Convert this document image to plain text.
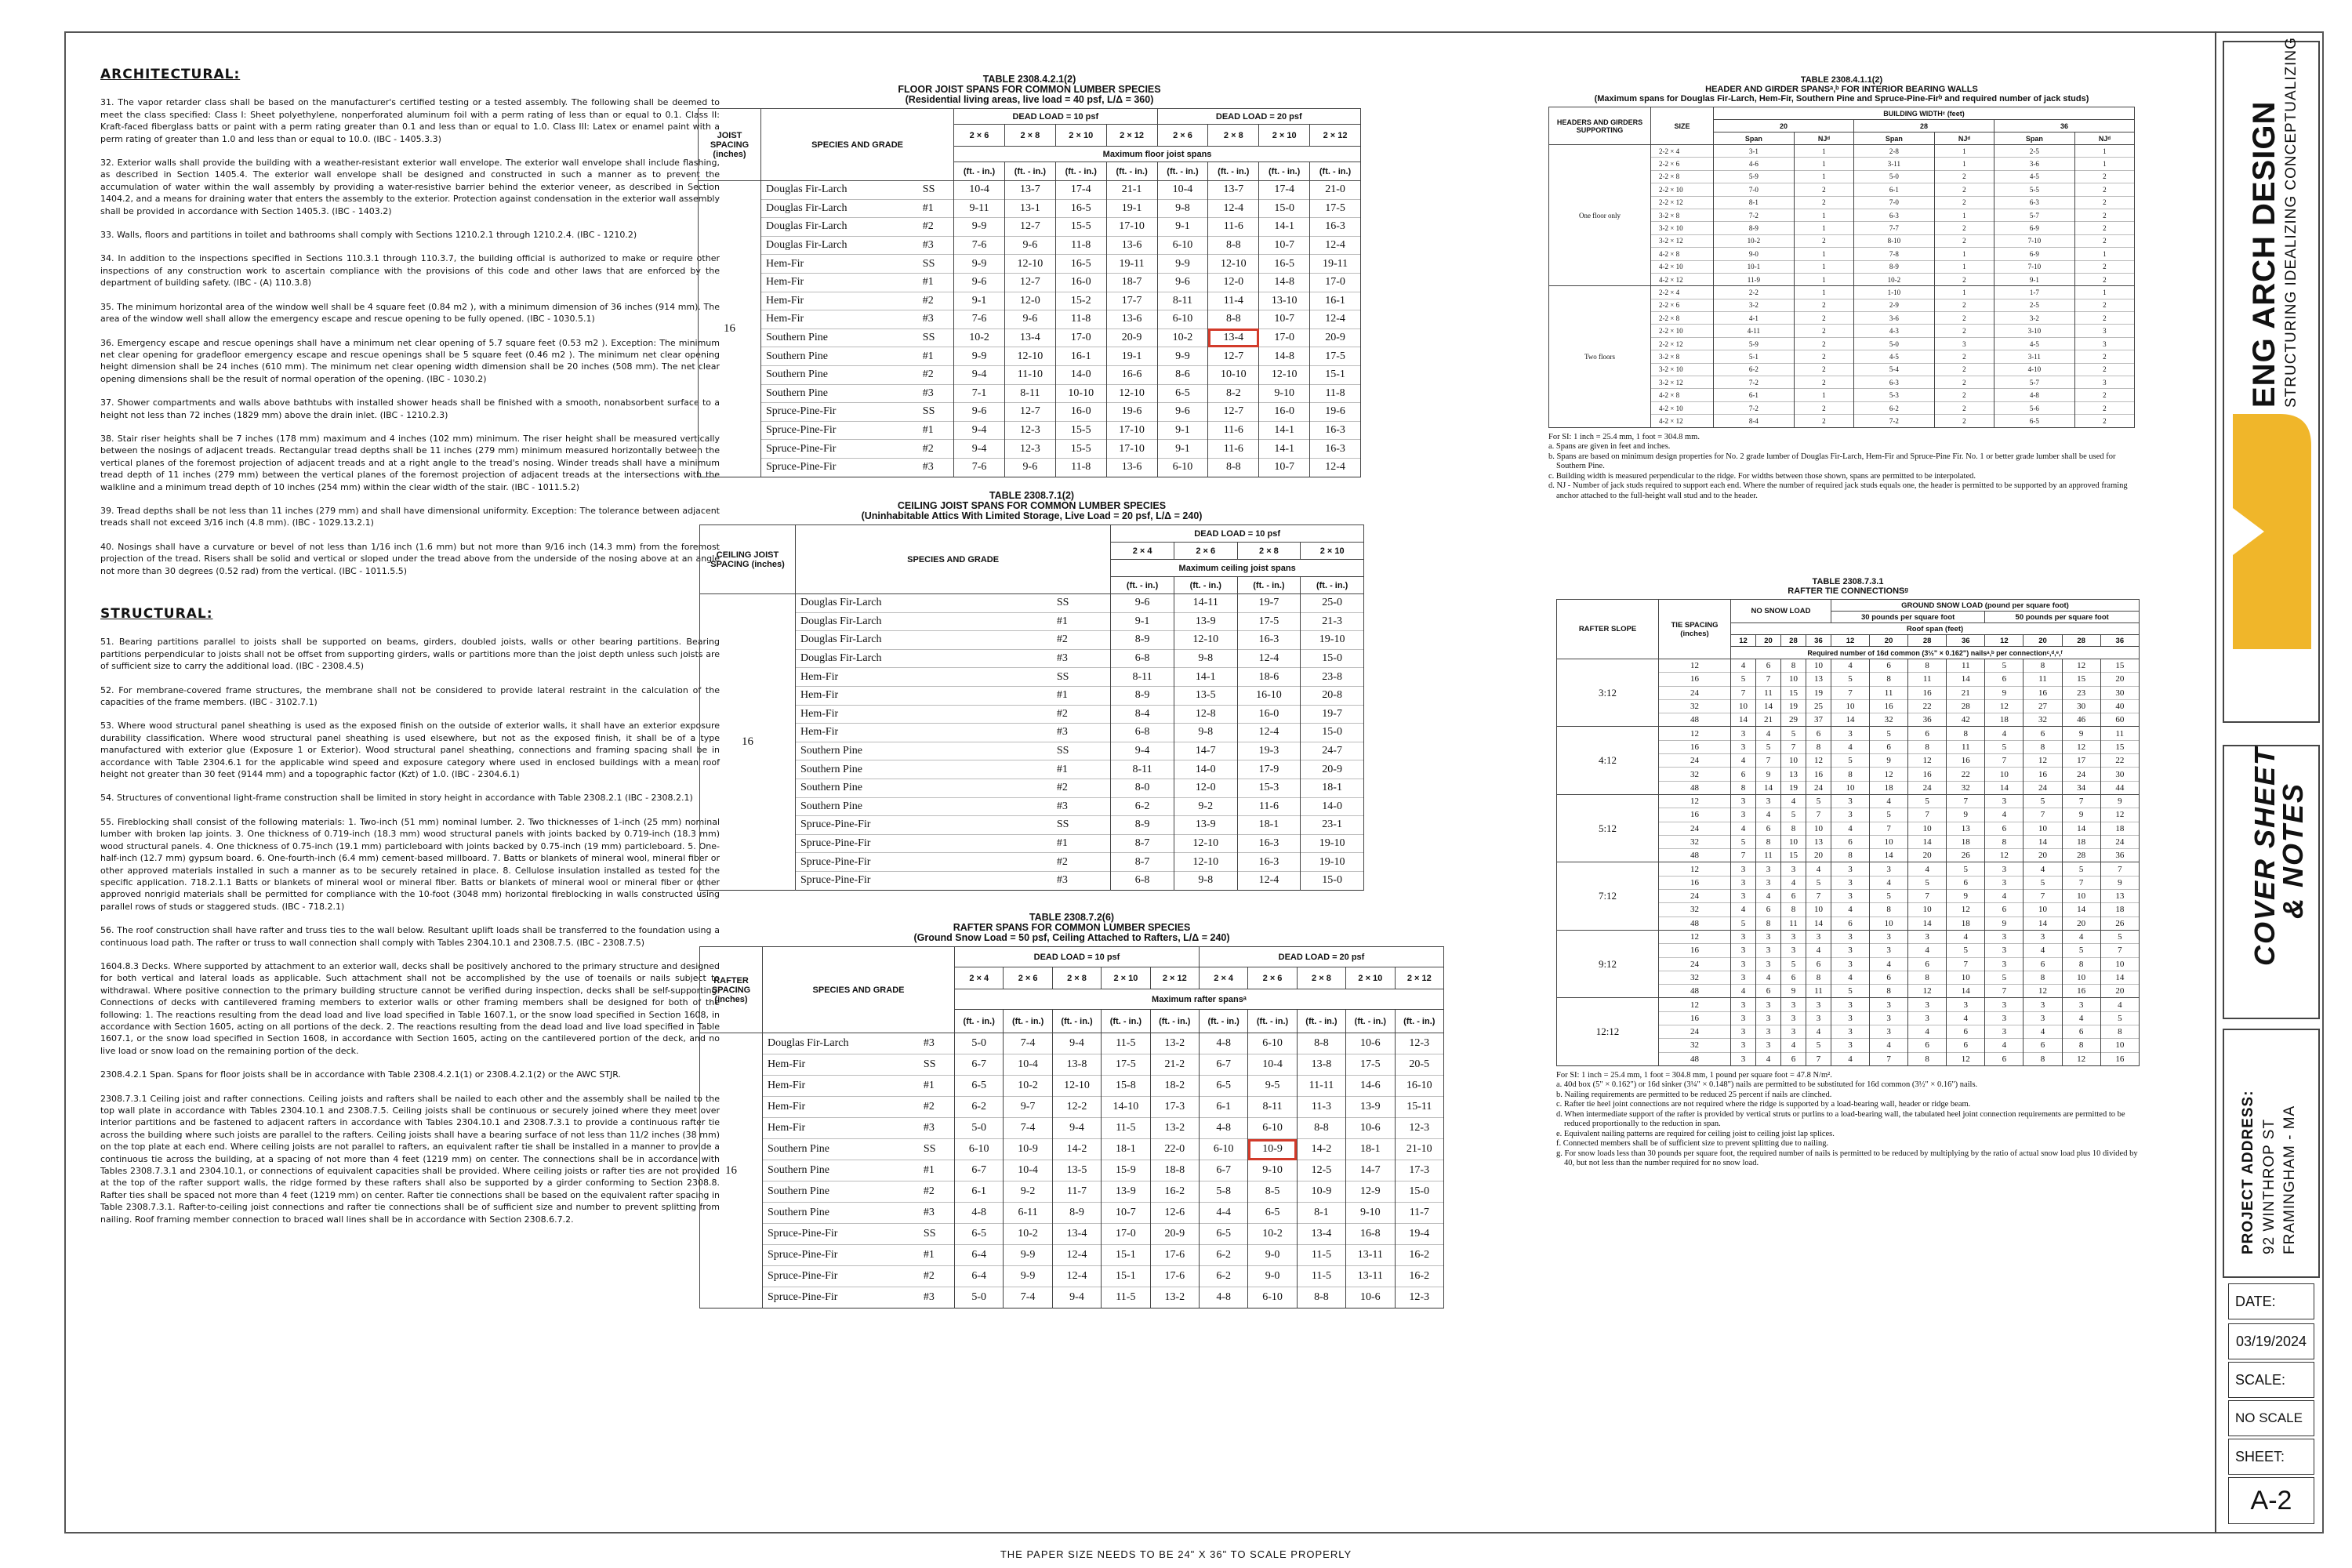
ARCHITECTURAL:

31. The vapor retarder class shall be based on the manufacturer's certified testing or a tested assembly. The following shall be deemed to meet the class specified: Class I: Sheet polyethylene, nonperforated aluminum foil with a perm rating of less than or equal to 0.1. Class II: Kraft-faced fiberglass batts or paint with a perm rating greater than 0.1 and less than or equal to 1.0. Class III: Latex or enamel paint with a perm rating of greater than 1.0 and less than or equal to 10.0. (IBC - 1405.3.3)

32. Exterior walls shall provide the building with a weather-resistant exterior wall envelope. The exterior wall envelope shall include flashing, as described in Section 1405.4. The exterior wall envelope shall be designed and constructed in such a manner as to prevent the accumulation of water within the wall assembly by providing a water-resistive barrier behind the exterior veneer, as described in Section 1404.2, and a means for draining water that enters the assembly to the exterior. Protection against condensation in the exterior wall assembly shall be provided in accordance with Section 1405.3. (IBC - 1403.2)

33. Walls, floors and partitions in toilet and bathrooms shall comply with Sections 1210.2.1 through 1210.2.4. (IBC - 1210.2)

34. In addition to the inspections specified in Sections 110.3.1 through 110.3.7, the building official is authorized to make or require other inspections of any construction work to ascertain compliance with the provisions of this code and other laws that are enforced by the department of building safety. (IBC - (A) 110.3.8)

35. The minimum horizontal area of the window well shall be 4 square feet (0.84 m2 ), with a minimum dimension of 36 inches (914 mm). The area of the window well shall allow the emergency escape and rescue opening to be fully opened. (IBC - 1030.5.1)

36. Emergency escape and rescue openings shall have a minimum net clear opening of 5.7 square feet (0.53 m2 ). Exception: The minimum net clear opening for gradefloor emergency escape and rescue openings shall be 5 square feet (0.46 m2 ). The minimum net clear opening height dimension shall be 24 inches (610 mm). The minimum net clear opening width dimension shall be 20 inches (508 mm). The net clear opening dimensions shall be the result of normal operation of the opening. (IBC - 1030.2)

37. Shower compartments and walls above bathtubs with installed shower heads shall be finished with a smooth, nonabsorbent surface to a height not less than 72 inches (1829 mm) above the drain inlet. (IBC - 1210.2.3)

38. Stair riser heights shall be 7 inches (178 mm) maximum and 4 inches (102 mm) minimum. The riser height shall be measured vertically between the nosings of adjacent treads. Rectangular tread depths shall be 11 inches (279 mm) minimum measured horizontally between the vertical planes of the foremost projection of adjacent treads and at a right angle to the tread's nosing. Winder treads shall have a minimum tread depth of 11 inches (279 mm) between the vertical planes of the foremost projection of adjacent treads at the intersections with the walkline and a minimum tread depth of 10 inches (254 mm) within the clear width of the stair. (IBC - 1011.5.2)

39. Tread depths shall be not less than 11 inches (279 mm) and shall have dimensional uniformity. Exception: The tolerance between adjacent treads shall not exceed 3/16 inch (4.8 mm). (IBC - 1029.13.2.1)

40. Nosings shall have a curvature or bevel of not less than 1/16 inch (1.6 mm) but not more than 9/16 inch (14.3 mm) from the foremost projection of the tread. Risers shall be solid and vertical or sloped under the tread above from the underside of the nosing above at an angle not more than 30 degrees (0.52 rad) from the vertical. (IBC - 1011.5.5)

STRUCTURAL:

51. Bearing partitions parallel to joists shall be supported on beams, girders, doubled joists, walls or other bearing partitions. Bearing partitions perpendicular to joists shall not be offset from supporting girders, walls or partitions more than the joist depth unless such joists are of sufficient size to carry the additional load. (IBC - 2308.4.5)

52. For membrane-covered frame structures, the membrane shall not be considered to provide lateral restraint in the calculation of the capacities of the frame members. (IBC - 3102.7.1)

53. Where wood structural panel sheathing is used as the exposed finish on the outside of exterior walls, it shall have an exterior exposure durability classification. Where wood structural panel sheathing is used elsewhere, but not as the exposed finish, it shall be of a type manufactured with exterior glue (Exposure 1 or Exterior). Wood structural panel sheathing, connections and framing spacing shall be in accordance with Table 2304.6.1 for the applicable wind speed and exposure category where used in enclosed buildings with a mean roof height not greater than 30 feet (9144 mm) and a topographic factor (Kzt) of 1.0. (IBC - 2304.6.1)

54. Structures of conventional light-frame construction shall be limited in story height in accordance with Table 2308.2.1 (IBC - 2308.2.1)

55. Fireblocking shall consist of the following materials: 1. Two-inch (51 mm) nominal lumber. 2. Two thicknesses of 1-inch (25 mm) nominal lumber with broken lap joints. 3. One thickness of 0.719-inch (18.3 mm) wood structural panels with joints backed by 0.719-inch (18.3 mm) wood structural panels. 4. One thickness of 0.75-inch (19.1 mm) particleboard with joints backed by 0.75-inch (19 mm) particleboard. 5. One-half-inch (12.7 mm) gypsum board. 6. One-fourth-inch (6.4 mm) cement-based millboard. 7. Batts or blankets of mineral wool, mineral fiber or other approved materials installed in such a manner as to be securely retained in place. 8. Cellulose insulation installed as tested for the specific application. 718.2.1.1 Batts or blankets of mineral wool or mineral fiber. Batts or blankets of mineral wool or mineral fiber or other approved nonrigid materials shall be permitted for compliance with the 10-foot (3048 mm) horizontal fireblocking in walls constructed using parallel rows of studs or staggered studs. (IBC - 718.2.1)

56. The roof construction shall have rafter and truss ties to the wall below. Resultant uplift loads shall be transferred to the foundation using a continuous load path. The rafter or truss to wall connection shall comply with Tables 2304.10.1 and 2308.7.5. (IBC - 2308.7.5)

1604.8.3 Decks. Where supported by attachment to an exterior wall, decks shall be positively anchored to the primary structure and designed for both vertical and lateral loads as applicable. Such attachment shall not be accomplished by the use of toenails or nails subject to withdrawal. Where positive connection to the primary building structure cannot be verified during inspection, decks shall be self-supporting. Connections of decks with cantilevered framing members to exterior walls or other framing members shall be designed for both of the following: 1. The reactions resulting from the dead load and live load specified in Table 1607.1, or the snow load specified in Section 1608, in accordance with Section 1605, acting on all portions of the deck. 2. The reactions resulting from the dead load and live load specified in Table 1607.1, or the snow load specified in Section 1608, in accordance with Section 1605, acting on the cantilevered portion of the deck, and no live load or snow load on the remaining portion of the deck.

2308.4.2.1 Span. Spans for floor joists shall be in accordance with Table 2308.4.2.1(1) or 2308.4.2.1(2) or the AWC STJR.

2308.7.3.1 Ceiling joist and rafter connections. Ceiling joists and rafters shall be nailed to each other and the assembly shall be nailed to the top wall plate in accordance with Tables 2304.10.1 and 2308.7.5. Ceiling joists shall be continuous or securely joined where they meet over interior partitions and be fastened to adjacent rafters in accordance with Tables 2304.10.1 and 2308.7.3.1 to provide a continuous rafter tie across the building where such joists are parallel to the rafters. Ceiling joists shall have a bearing surface of not less than 11/2 inches (38 mm) on the top plate at each end. Where ceiling joists are not parallel to rafters, an equivalent rafter tie shall be installed in a manner to provide a continuous tie across the building, at a spacing of not more than 4 feet (1219 mm) on center. The connections shall be in accordance with Tables 2308.7.3.1 and 2304.10.1, or connections of equivalent capacities shall be provided. Where ceiling joists or rafter ties are not provided at the top of the rafter support walls, the ridge formed by these rafters shall also be supported by a girder conforming to Section 2308.8. Rafter ties shall be spaced not more than 4 feet (1219 mm) on center. Rafter tie connections shall be based on the equivalent rafter spacing in Table 2308.7.3.1. Rafter-to-ceiling joist connections and rafter tie connections shall be of sufficient size and number to prevent splitting from nailing. Roof framing member connection to braced wall lines shall be in accordance with Section 2308.6.7.2.

TABLE 2308.4.2.1(2)
FLOOR JOIST SPANS FOR COMMON LUMBER SPECIES
(Residential living areas, live load = 40 psf, L/Δ = 360)
JOIST SPACING (inches)	SPECIES AND GRADE		DEAD LOAD = 10 psf				DEAD LOAD = 20 psf			
			2 × 6	2 × 8	2 × 10	2 × 12	2 × 6	2 × 8	2 × 10	2 × 12
			Maximum floor joist spans							
			(ft. - in.)	(ft. - in.)	(ft. - in.)	(ft. - in.)	(ft. - in.)	(ft. - in.)	(ft. - in.)	(ft. - in.)
16	Douglas Fir-Larch	SS	10-4	13-7	17-4	21-1	10-4	13-7	17-4	21-0
	Douglas Fir-Larch	#1	9-11	13-1	16-5	19-1	9-8	12-4	15-0	17-5
	Douglas Fir-Larch	#2	9-9	12-7	15-5	17-10	9-1	11-6	14-1	16-3
	Douglas Fir-Larch	#3	7-6	9-6	11-8	13-6	6-10	8-8	10-7	12-4
	Hem-Fir	SS	9-9	12-10	16-5	19-11	9-9	12-10	16-5	19-11
	Hem-Fir	#1	9-6	12-7	16-0	18-7	9-6	12-0	14-8	17-0
	Hem-Fir	#2	9-1	12-0	15-2	17-7	8-11	11-4	13-10	16-1
	Hem-Fir	#3	7-6	9-6	11-8	13-6	6-10	8-8	10-7	12-4
	Southern Pine	SS	10-2	13-4	17-0	20-9	10-2	13-4	17-0	20-9
	Southern Pine	#1	9-9	12-10	16-1	19-1	9-9	12-7	14-8	17-5
	Southern Pine	#2	9-4	11-10	14-0	16-6	8-6	10-10	12-10	15-1
	Southern Pine	#3	7-1	8-11	10-10	12-10	6-5	8-2	9-10	11-8
	Spruce-Pine-Fir	SS	9-6	12-7	16-0	19-6	9-6	12-7	16-0	19-6
	Spruce-Pine-Fir	#1	9-4	12-3	15-5	17-10	9-1	11-6	14-1	16-3
	Spruce-Pine-Fir	#2	9-4	12-3	15-5	17-10	9-1	11-6	14-1	16-3
	Spruce-Pine-Fir	#3	7-6	9-6	11-8	13-6	6-10	8-8	10-7	12-4
TABLE 2308.7.1(2)
CEILING JOIST SPANS FOR COMMON LUMBER SPECIES
(Uninhabitable Attics With Limited Storage, Live Load = 20 psf, L/Δ = 240)
CEILING JOIST SPACING (inches)	SPECIES AND GRADE		DEAD LOAD = 10 psf			
			2 × 4	2 × 6	2 × 8	2 × 10
			Maximum ceiling joist spans			
			(ft. - in.)	(ft. - in.)	(ft. - in.)	(ft. - in.)
16	Douglas Fir-Larch	SS	9-6	14-11	19-7	25-0
	Douglas Fir-Larch	#1	9-1	13-9	17-5	21-3
	Douglas Fir-Larch	#2	8-9	12-10	16-3	19-10
	Douglas Fir-Larch	#3	6-8	9-8	12-4	15-0
	Hem-Fir	SS	8-11	14-1	18-6	23-8
	Hem-Fir	#1	8-9	13-5	16-10	20-8
	Hem-Fir	#2	8-4	12-8	16-0	19-7
	Hem-Fir	#3	6-8	9-8	12-4	15-0
	Southern Pine	SS	9-4	14-7	19-3	24-7
	Southern Pine	#1	8-11	14-0	17-9	20-9
	Southern Pine	#2	8-0	12-0	15-3	18-1
	Southern Pine	#3	6-2	9-2	11-6	14-0
	Spruce-Pine-Fir	SS	8-9	13-9	18-1	23-1
	Spruce-Pine-Fir	#1	8-7	12-10	16-3	19-10
	Spruce-Pine-Fir	#2	8-7	12-10	16-3	19-10
	Spruce-Pine-Fir	#3	6-8	9-8	12-4	15-0
TABLE 2308.7.2(6)
RAFTER SPANS FOR COMMON LUMBER SPECIES
(Ground Snow Load = 50 psf, Ceiling Attached to Rafters, L/Δ = 240)
RAFTER SPACING (inches)	SPECIES AND GRADE		DEAD LOAD = 10 psf					DEAD LOAD = 20 psf				
			2 × 4	2 × 6	2 × 8	2 × 10	2 × 12	2 × 4	2 × 6	2 × 8	2 × 10	2 × 12
			Maximum rafter spansᵃ									
			(ft. - in.)	(ft. - in.)	(ft. - in.)	(ft. - in.)	(ft. - in.)	(ft. - in.)	(ft. - in.)	(ft. - in.)	(ft. - in.)	(ft. - in.)
16	Douglas Fir-Larch	#3	5-0	7-4	9-4	11-5	13-2	4-8	6-10	8-8	10-6	12-3
	Hem-Fir	SS	6-7	10-4	13-8	17-5	21-2	6-7	10-4	13-8	17-5	20-5
	Hem-Fir	#1	6-5	10-2	12-10	15-8	18-2	6-5	9-5	11-11	14-6	16-10
	Hem-Fir	#2	6-2	9-7	12-2	14-10	17-3	6-1	8-11	11-3	13-9	15-11
	Hem-Fir	#3	5-0	7-4	9-4	11-5	13-2	4-8	6-10	8-8	10-6	12-3
	Southern Pine	SS	6-10	10-9	14-2	18-1	22-0	6-10	10-9	14-2	18-1	21-10
	Southern Pine	#1	6-7	10-4	13-5	15-9	18-8	6-7	9-10	12-5	14-7	17-3
	Southern Pine	#2	6-1	9-2	11-7	13-9	16-2	5-8	8-5	10-9	12-9	15-0
	Southern Pine	#3	4-8	6-11	8-9	10-7	12-6	4-4	6-5	8-1	9-10	11-7
	Spruce-Pine-Fir	SS	6-5	10-2	13-4	17-0	20-9	6-5	10-2	13-4	16-8	19-4
	Spruce-Pine-Fir	#1	6-4	9-9	12-4	15-1	17-6	6-2	9-0	11-5	13-11	16-2
	Spruce-Pine-Fir	#2	6-4	9-9	12-4	15-1	17-6	6-2	9-0	11-5	13-11	16-2
	Spruce-Pine-Fir	#3	5-0	7-4	9-4	11-5	13-2	4-8	6-10	8-8	10-6	12-3
TABLE 2308.4.1.1(2)
HEADER AND GIRDER SPANSᵃ,ᵇ FOR INTERIOR BEARING WALLS
(Maximum spans for Douglas Fir-Larch, Hem-Fir, Southern Pine and Spruce-Pine-Firᵇ and required number of jack studs)
HEADERS AND GIRDERS SUPPORTING	SIZE	BUILDING WIDTHᶜ (feet)					
		20		28		36	
		Span	NJᵈ	Span	NJᵈ	Span	NJᵈ
One floor only	2-2 × 4	3-1	1	2-8	1	2-5	1
	2-2 × 6	4-6	1	3-11	1	3-6	1
	2-2 × 8	5-9	1	5-0	2	4-5	2
	2-2 × 10	7-0	2	6-1	2	5-5	2
	2-2 × 12	8-1	2	7-0	2	6-3	2
	3-2 × 8	7-2	1	6-3	1	5-7	2
	3-2 × 10	8-9	1	7-7	2	6-9	2
	3-2 × 12	10-2	2	8-10	2	7-10	2
	4-2 × 8	9-0	1	7-8	1	6-9	1
	4-2 × 10	10-1	1	8-9	1	7-10	2
	4-2 × 12	11-9	1	10-2	2	9-1	2
Two floors	2-2 × 4	2-2	1	1-10	1	1-7	1
	2-2 × 6	3-2	2	2-9	2	2-5	2
	2-2 × 8	4-1	2	3-6	2	3-2	2
	2-2 × 10	4-11	2	4-3	2	3-10	3
	2-2 × 12	5-9	2	5-0	3	4-5	3
	3-2 × 8	5-1	2	4-5	2	3-11	2
	3-2 × 10	6-2	2	5-4	2	4-10	2
	3-2 × 12	7-2	2	6-3	2	5-7	3
	4-2 × 8	6-1	1	5-3	2	4-8	2
	4-2 × 10	7-2	2	6-2	2	5-6	2
	4-2 × 12	8-4	2	7-2	2	6-5	2
For SI: 1 inch = 25.4 mm, 1 foot = 304.8 mm.
a. Spans are given in feet and inches.
b. Spans are based on minimum design properties for No. 2 grade lumber of Douglas Fir-Larch, Hem-Fir and Spruce-Pine Fir. No. 1 or better grade lumber shall be used for Southern Pine.
c. Building width is measured perpendicular to the ridge. For widths between those shown, spans are permitted to be interpolated.
d. NJ - Number of jack studs required to support each end. Where the number of required jack studs equals one, the header is permitted to be supported by an approved framing anchor attached to the full-height wall stud and to the header.
TABLE 2308.7.3.1
RAFTER TIE CONNECTIONSᵍ
RAFTER SLOPE	TIE SPACING (inches)	NO SNOW LOAD				GROUND SNOW LOAD (pound per square foot)							
						30 pounds per square foot				50 pounds per square foot			
		Roof span (feet)											
		12	20	28	36	12	20	28	36	12	20	28	36
		Required number of 16d common (3½" × 0.162") nailsᵃ,ᵇ per connectionᶜ,ᵈ,ᵉ,ᶠ											
3:12	12	4	6	8	10	4	6	8	11	5	8	12	15
	16	5	7	10	13	5	8	11	14	6	11	15	20
	24	7	11	15	19	7	11	16	21	9	16	23	30
	32	10	14	19	25	10	16	22	28	12	27	30	40
	48	14	21	29	37	14	32	36	42	18	32	46	60
4:12	12	3	4	5	6	3	5	6	8	4	6	9	11
	16	3	5	7	8	4	6	8	11	5	8	12	15
	24	4	7	10	12	5	9	12	16	7	12	17	22
	32	6	9	13	16	8	12	16	22	10	16	24	30
	48	8	14	19	24	10	18	24	32	14	24	34	44
5:12	12	3	3	4	5	3	4	5	7	3	5	7	9
	16	3	4	5	7	3	5	7	9	4	7	9	12
	24	4	6	8	10	4	7	10	13	6	10	14	18
	32	5	8	10	13	6	10	14	18	8	14	18	24
	48	7	11	15	20	8	14	20	26	12	20	28	36
7:12	12	3	3	3	4	3	3	4	5	3	4	5	7
	16	3	3	4	5	3	4	5	6	3	5	7	9
	24	3	4	6	7	3	5	7	9	4	7	10	13
	32	4	6	8	10	4	8	10	12	6	10	14	18
	48	5	8	11	14	6	10	14	18	9	14	20	26
9:12	12	3	3	3	3	3	3	3	4	3	3	4	5
	16	3	3	3	4	3	3	4	5	3	4	5	7
	24	3	3	5	6	3	4	6	7	3	6	8	10
	32	3	4	6	8	4	6	8	10	5	8	10	14
	48	4	6	9	11	5	8	12	14	7	12	16	20
12:12	12	3	3	3	3	3	3	3	3	3	3	3	4
	16	3	3	3	3	3	3	3	4	3	3	4	5
	24	3	3	3	4	3	3	4	6	3	4	6	8
	32	3	3	4	5	3	4	6	6	4	6	8	10
	48	3	4	6	7	4	7	8	12	6	8	12	16
For SI: 1 inch = 25.4 mm, 1 foot = 304.8 mm, 1 pound per square foot = 47.8 N/m².
a. 40d box (5" × 0.162") or 16d sinker (3¼" × 0.148") nails are permitted to be substituted for 16d common (3½" × 0.16") nails.
b. Nailing requirements are permitted to be reduced 25 percent if nails are clinched.
c. Rafter tie heel joint connections are not required where the ridge is supported by a load-bearing wall, header or ridge beam.
d. When intermediate support of the rafter is provided by vertical struts or purlins to a load-bearing wall, the tabulated heel joint connection requirements are permitted to be reduced proportionally to the reduction in span.
e. Equivalent nailing patterns are required for ceiling joist to ceiling joist lap splices.
f. Connected members shall be of sufficient size to prevent splitting due to nailing.
g. For snow loads less than 30 pounds per square foot, the required number of nails is permitted to be reduced by multiplying by the ratio of actual snow load plus 10 divided by 40, but not less than the number required for no snow load.
ENG ARCH DESIGN STRUCTURING IDEALIZING CONCEPTUALIZING
COVER SHEET
& NOTES
PROJECT ADDRESS: 92 WINTHROP ST FRAMINGHAM - MA
DATE:
03/19/2024
SCALE:
NO SCALE
SHEET:
A-2
THE PAPER SIZE NEEDS TO BE 24" X 36" TO SCALE PROPERLY
